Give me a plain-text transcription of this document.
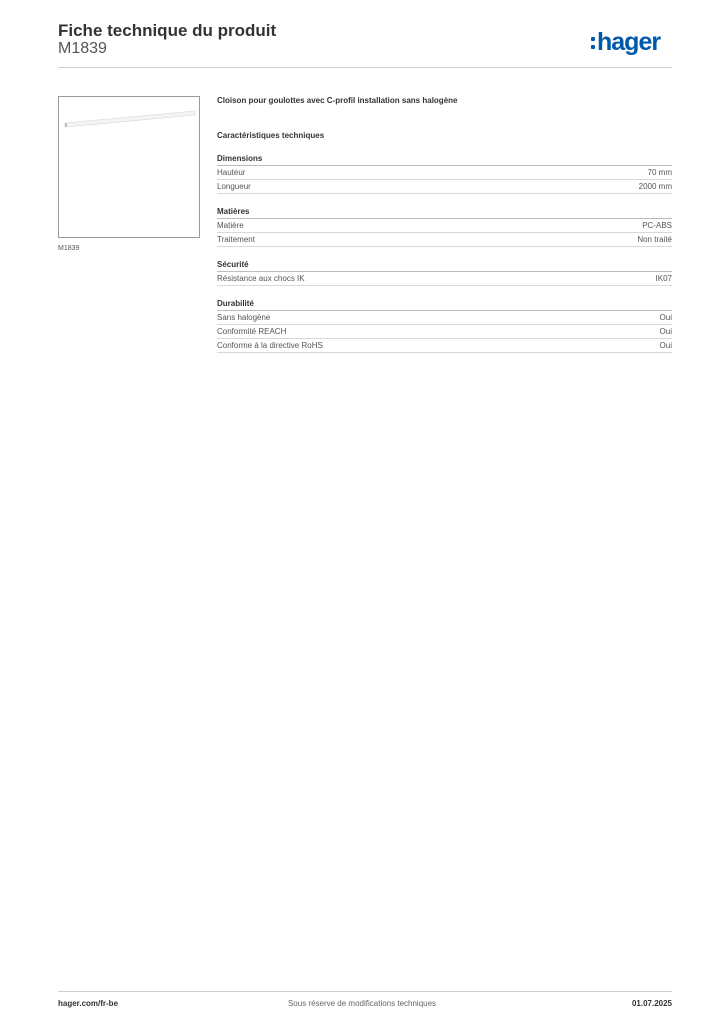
Fiche technique du produit
M1839	hager
M1839
Cloison pour goulottes avec C-profil installation sans halogène
Caractéristiques techniques
Dimensions
Hauteur	70 mm
Longueur	2000 mm
Matières
Matière	PC-ABS
Traitement	Non traité
Sécurité
Résistance aux chocs IK	IK07
Durabilité
Sans halogène	Oui
Conformité REACH	Oui
Conforme à la directive RoHS	Oui
hager.com/fr-be	Sous réserve de modifications techniques	01.07.2025
